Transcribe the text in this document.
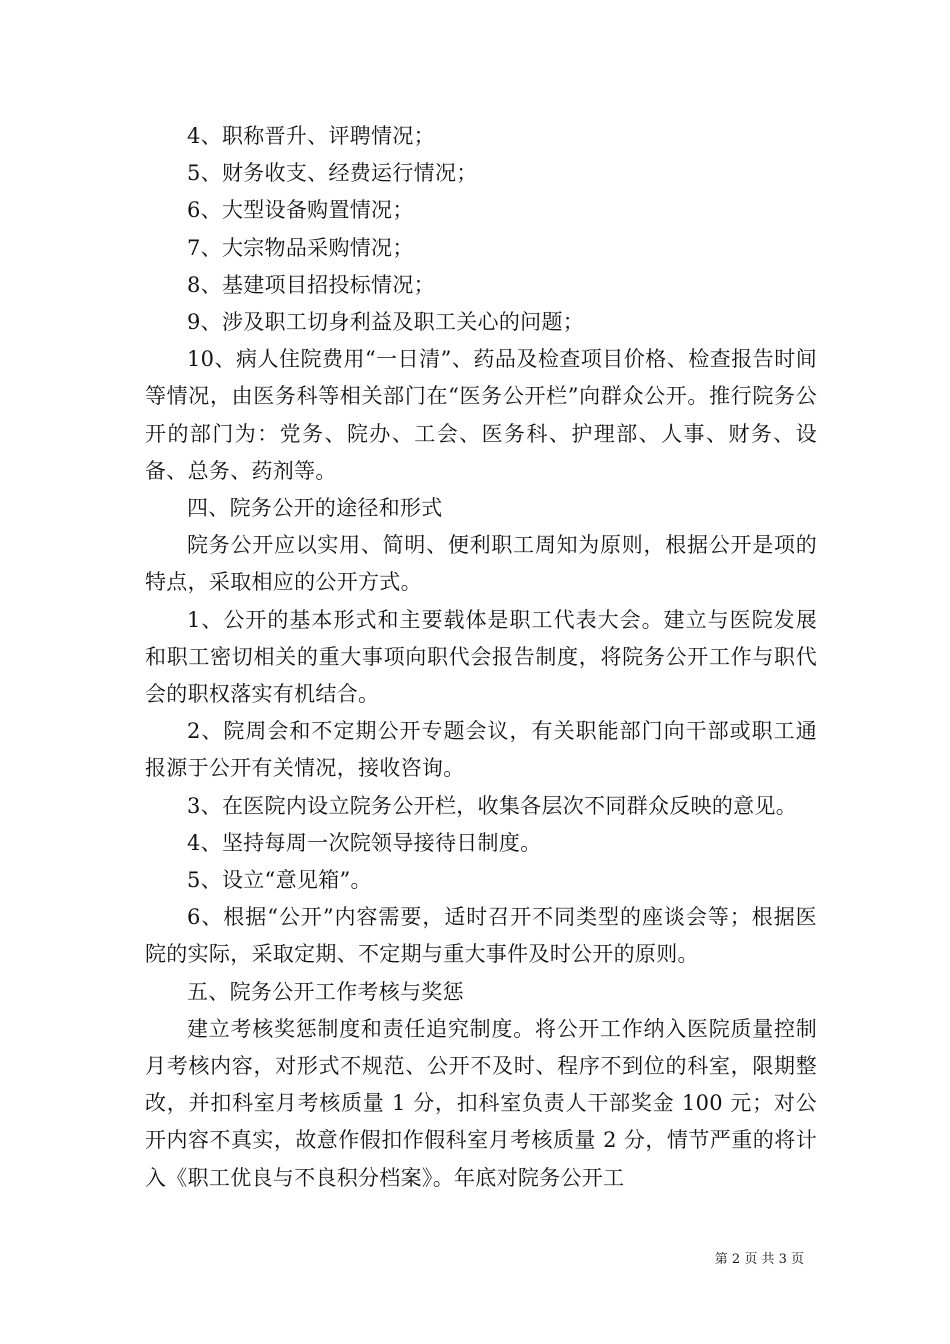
4、职称晋升、评聘情况；

5、财务收支、经费运行情况；

6、大型设备购置情况；

7、大宗物品采购情况；

8、基建项目招投标情况；

9、涉及职工切身利益及职工关心的问题；

10、病人住院费用“一日清”、药品及检查项目价格、检查报告时间等情况，由医务科等相关部门在“医务公开栏”向群众公开。推行院务公开的部门为：党务、院办、工会、医务科、护理部、人事、财务、设备、总务、药剂等。

四、院务公开的途径和形式

院务公开应以实用、简明、便利职工周知为原则，根据公开是项的特点，采取相应的公开方式。

1、公开的基本形式和主要载体是职工代表大会。建立与医院发展和职工密切相关的重大事项向职代会报告制度，将院务公开工作与职代会的职权落实有机结合。

2、院周会和不定期公开专题会议，有关职能部门向干部或职工通报源于公开有关情况，接收咨询。

3、在医院内设立院务公开栏，收集各层次不同群众反映的意见。

4、坚持每周一次院领导接待日制度。

5、设立“意见箱”。

6、根据“公开”内容需要，适时召开不同类型的座谈会等；根据医院的实际，采取定期、不定期与重大事件及时公开的原则。

五、院务公开工作考核与奖惩

建立考核奖惩制度和责任追究制度。将公开工作纳入医院质量控制月考核内容，对形式不规范、公开不及时、程序不到位的科室，限期整改，并扣科室月考核质量 1 分，扣科室负责人干部奖金 100 元；对公开内容不真实，故意作假扣作假科室月考核质量 2 分，情节严重的将计入《职工优良与不良积分档案》。年底对院务公开工

第 2 页 共 3 页
